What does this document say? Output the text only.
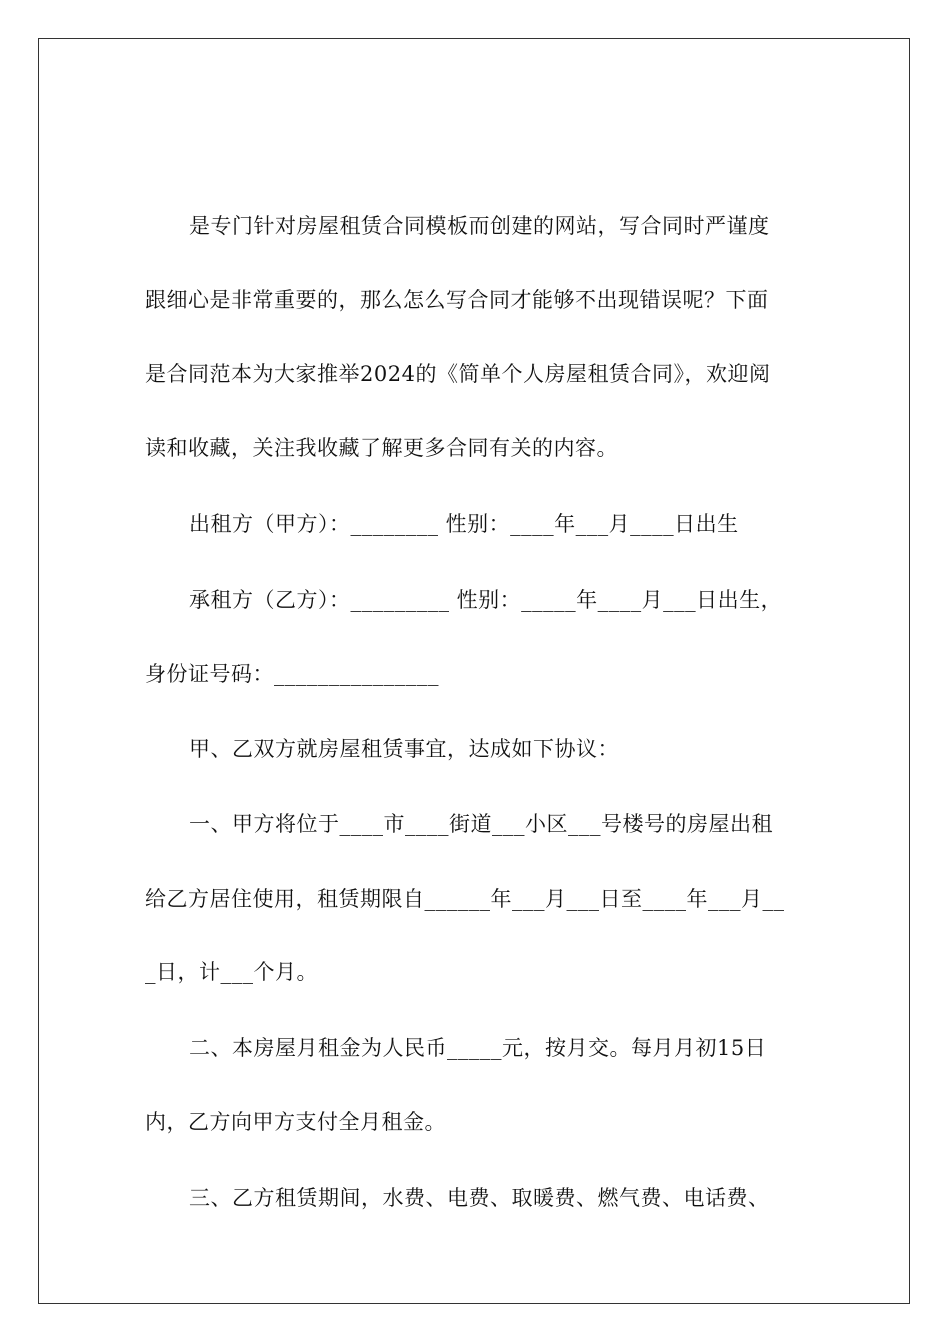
是专门针对房屋租赁合同模板而创建的网站，写合同时严谨度
跟细心是非常重要的，那么怎么写合同才能够不出现错误呢？下面
是合同范本为大家推举2024的《简单个人房屋租赁合同》，欢迎阅
读和收藏，关注我收藏了解更多合同有关的内容。
出租方（甲方）：________ 性别：____年___月____日出生
承租方（乙方）：_________ 性别：_____年____月___日出生，
身份证号码：_______________
甲、乙双方就房屋租赁事宜，达成如下协议：
一、甲方将位于____市____街道___小区___号楼号的房屋出租
给乙方居住使用，租赁期限自______年___月___日至____年___月__
_日，计___个月。
二、本房屋月租金为人民币_____元，按月交。每月月初15日
内，乙方向甲方支付全月租金。
三、乙方租赁期间，水费、电费、取暖费、燃气费、电话费、
